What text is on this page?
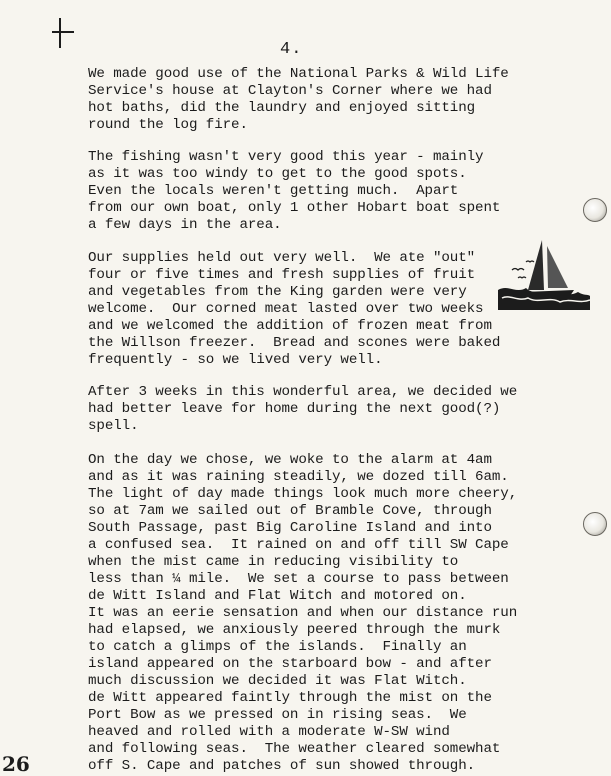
4.
We made good use of the National Parks & Wild Life
Service's house at Clayton's Corner where we had
hot baths, did the laundry and enjoyed sitting
round the log fire.
The fishing wasn't very good this year - mainly
as it was too windy to get to the good spots.
Even the locals weren't getting much.  Apart
from our own boat, only 1 other Hobart boat spent
a few days in the area.
Our supplies held out very well.  We ate "out"
four or five times and fresh supplies of fruit
and vegetables from the King garden were very
welcome.  Our corned meat lasted over two weeks
and we welcomed the addition of frozen meat from
the Willson freezer.  Bread and scones were baked
frequently - so we lived very well.
After 3 weeks in this wonderful area, we decided we
had better leave for home during the next good(?)
spell.
On the day we chose, we woke to the alarm at 4am
and as it was raining steadily, we dozed till 6am.
The light of day made things look much more cheery,
so at 7am we sailed out of Bramble Cove, through
South Passage, past Big Caroline Island and into
a confused sea.  It rained on and off till SW Cape
when the mist came in reducing visibility to
less than ¼ mile.  We set a course to pass between
de Witt Island and Flat Witch and motored on.
It was an eerie sensation and when our distance run
had elapsed, we anxiously peered through the murk
to catch a glimps of the islands.  Finally an
island appeared on the starboard bow - and after
much discussion we decided it was Flat Witch.
de Witt appeared faintly through the mist on the
Port Bow as we pressed on in rising seas.  We
heaved and rolled with a moderate W-SW wind
and following seas.  The weather cleared somewhat
off S. Cape and patches of sun showed through.
26
